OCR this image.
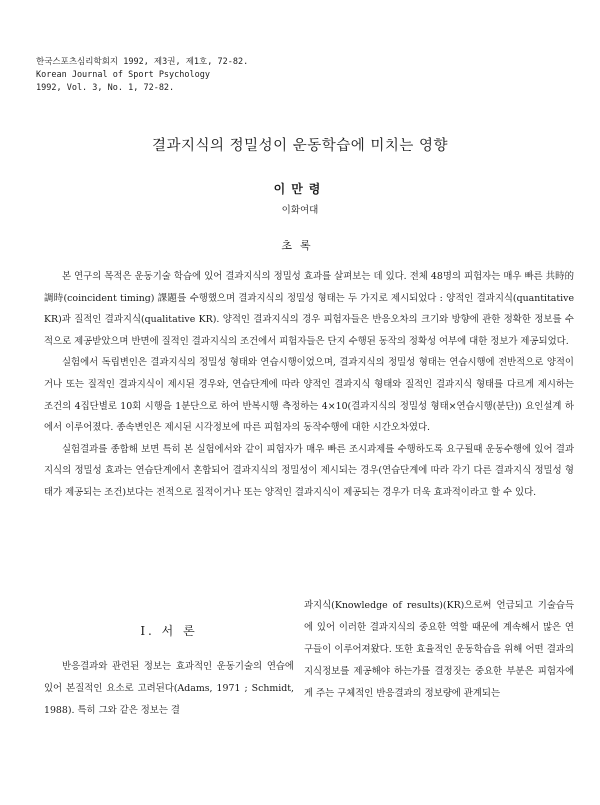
한국스포츠심리학회지 1992, 제3권, 제1호, 72-82.
Korean Journal of Sport Psychology
1992, Vol. 3, No. 1, 72-82.
결과지식의 정밀성이 운동학습에 미치는 영향
이만령
이화여대
초록

본 연구의 목적은 운동기술 학습에 있어 결과지식의 정밀성 효과를 살펴보는 데 있다. 전체 48명의 피험자는 매우 빠른 共時的 調時(coincident timing) 課題를 수행했으며 결과지식의 정밀성 형태는 두 가지로 제시되었다 : 양적인 결과지식(quantitative KR)과 질적인 결과지식(qualitative KR). 양적인 결과지식의 경우 피험자들은 반응오차의 크기와 방향에 관한 정확한 정보를 수적으로 제공받았으며 반면에 질적인 결과지식의 조건에서 피험자들은 단지 수행된 동작의 정확성 여부에 대한 정보가 제공되었다.

실험에서 독립변인은 결과지식의 정밀성 형태와 연습시행이었으며, 결과지식의 정밀성 형태는 연습시행에 전반적으로 양적이거나 또는 질적인 결과지식이 제시된 경우와, 연습단계에 따라 양적인 결과지식 형태와 질적인 결과지식 형태를 다르게 제시하는 조건의 4집단별로 10회 시행을 1분단으로 하여 반복시행 측정하는 4×10(결과지식의 정밀성 형태×연습시행(분단)) 요인설계 하에서 이루어졌다. 종속변인은 제시된 시각정보에 따른 피험자의 동작수행에 대한 시간오차였다.

실험결과를 종합해 보면 특히 본 실험에서와 같이 피험자가 매우 빠른 조시과제를 수행하도록 요구될때 운동수행에 있어 결과지식의 정밀성 효과는 연습단계에서 혼합되어 결과지식의 정밀성이 제시되는 경우(연습단계에 따라 각기 다른 결과지식 정밀성 형태가 제공되는 조건)보다는 전적으로 질적이거나 또는 양적인 결과지식이 제공되는 경우가 더욱 효과적이라고 할 수 있다.

Ⅰ. 서 론

반응결과와 관련된 정보는 효과적인 운동기술의 연습에 있어 본질적인 요소로 고려된다(Adams, 1971 ; Schmidt, 1988). 특히 그와 같은 정보는 결

과지식(Knowledge of results)(KR)으로써 언급되고 기술습득에 있어 이러한 결과지식의 중요한 역할 때문에 계속해서 많은 연구들이 이루어져왔다. 또한 효율적인 운동학습을 위해 어떤 결과의 지식정보를 제공해야 하는가를 결정짓는 중요한 부분은 피험자에게 주는 구체적인 반응결과의 정보량에 관계되는
